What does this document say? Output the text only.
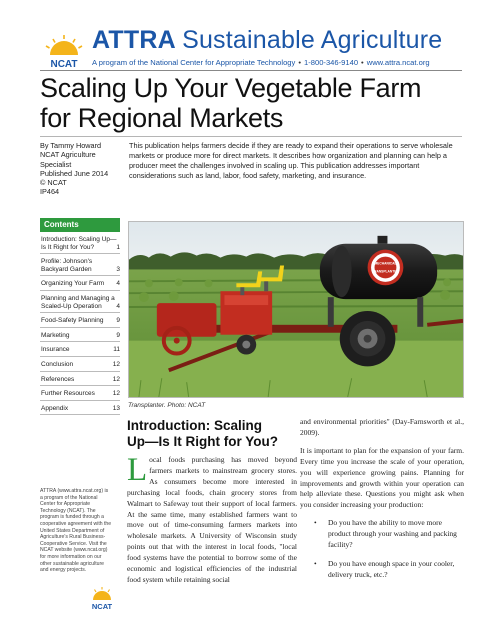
NCAT
ATTRA Sustainable Agriculture
A program of the National Center for Appropriate Technology • 1-800-346-9140 • www.attra.ncat.org
Scaling Up Your Vegetable Farm
for Regional Markets
By Tammy Howard
NCAT Agriculture
Specialist
Published June 2014
© NCAT
IP464
This publication helps farmers decide if they are ready to expand their operations to serve wholesale markets or produce more for direct markets. It describes how organization and planning can help a producer meet the challenges involved in scaling up. This publication addresses important considerations such as land, labor, food safety, marketing, and insurance.
Contents
Introduction: Scaling Up—Is It Right for You?	1
Profile: Johnson's Backyard Garden	3
Organizing Your Farm 4
Planning and Managing a Scaled-Up Operation 4
Food-Safety Planning 9
Marketing	9
Insurance	11
Conclusion	12
References	12
Further Resources	12
Appendix	13
ATTRA (www.attra.ncat.org) is a program of the National Center for Appropriate Technology (NCAT). The program is funded through a cooperative agreement with the United States Department of Agriculture's Rural Business-Cooperative Service. Visit the NCAT website (www.ncat.org) for more information on our other sustainable agriculture and energy projects.
NCAT
MECHANICAL
TRANSPLANTER
Transplanter. Photo: NCAT
Introduction: Scaling
Up—Is It Right for You?
Local foods purchasing has moved beyond farmers markets to mainstream grocery stores. As consumers become more interested in purchasing local foods, chain grocery stores from Walmart to Safeway tout their support of local farmers. At the same time, many established farmers want to move out of time-consuming farmers markets into wholesale markets. A University of Wisconsin study points out that with the interest in local foods, "local food systems have the potential to borrow some of the economic and logistical efficiencies of the industrial food system while retaining social

and environmental priorities" (Day-Farnsworth et al., 2009).

It is important to plan for the expansion of your farm. Every time you increase the scale of your operation, you will experience growing pains. Planning for improvements and growth within your operation can help alleviate these. Questions you might ask when you consider increasing your production:

• Do you have the ability to move more product through your washing and packing facility?
• Do you have enough space in your cooler, delivery truck, etc.?
